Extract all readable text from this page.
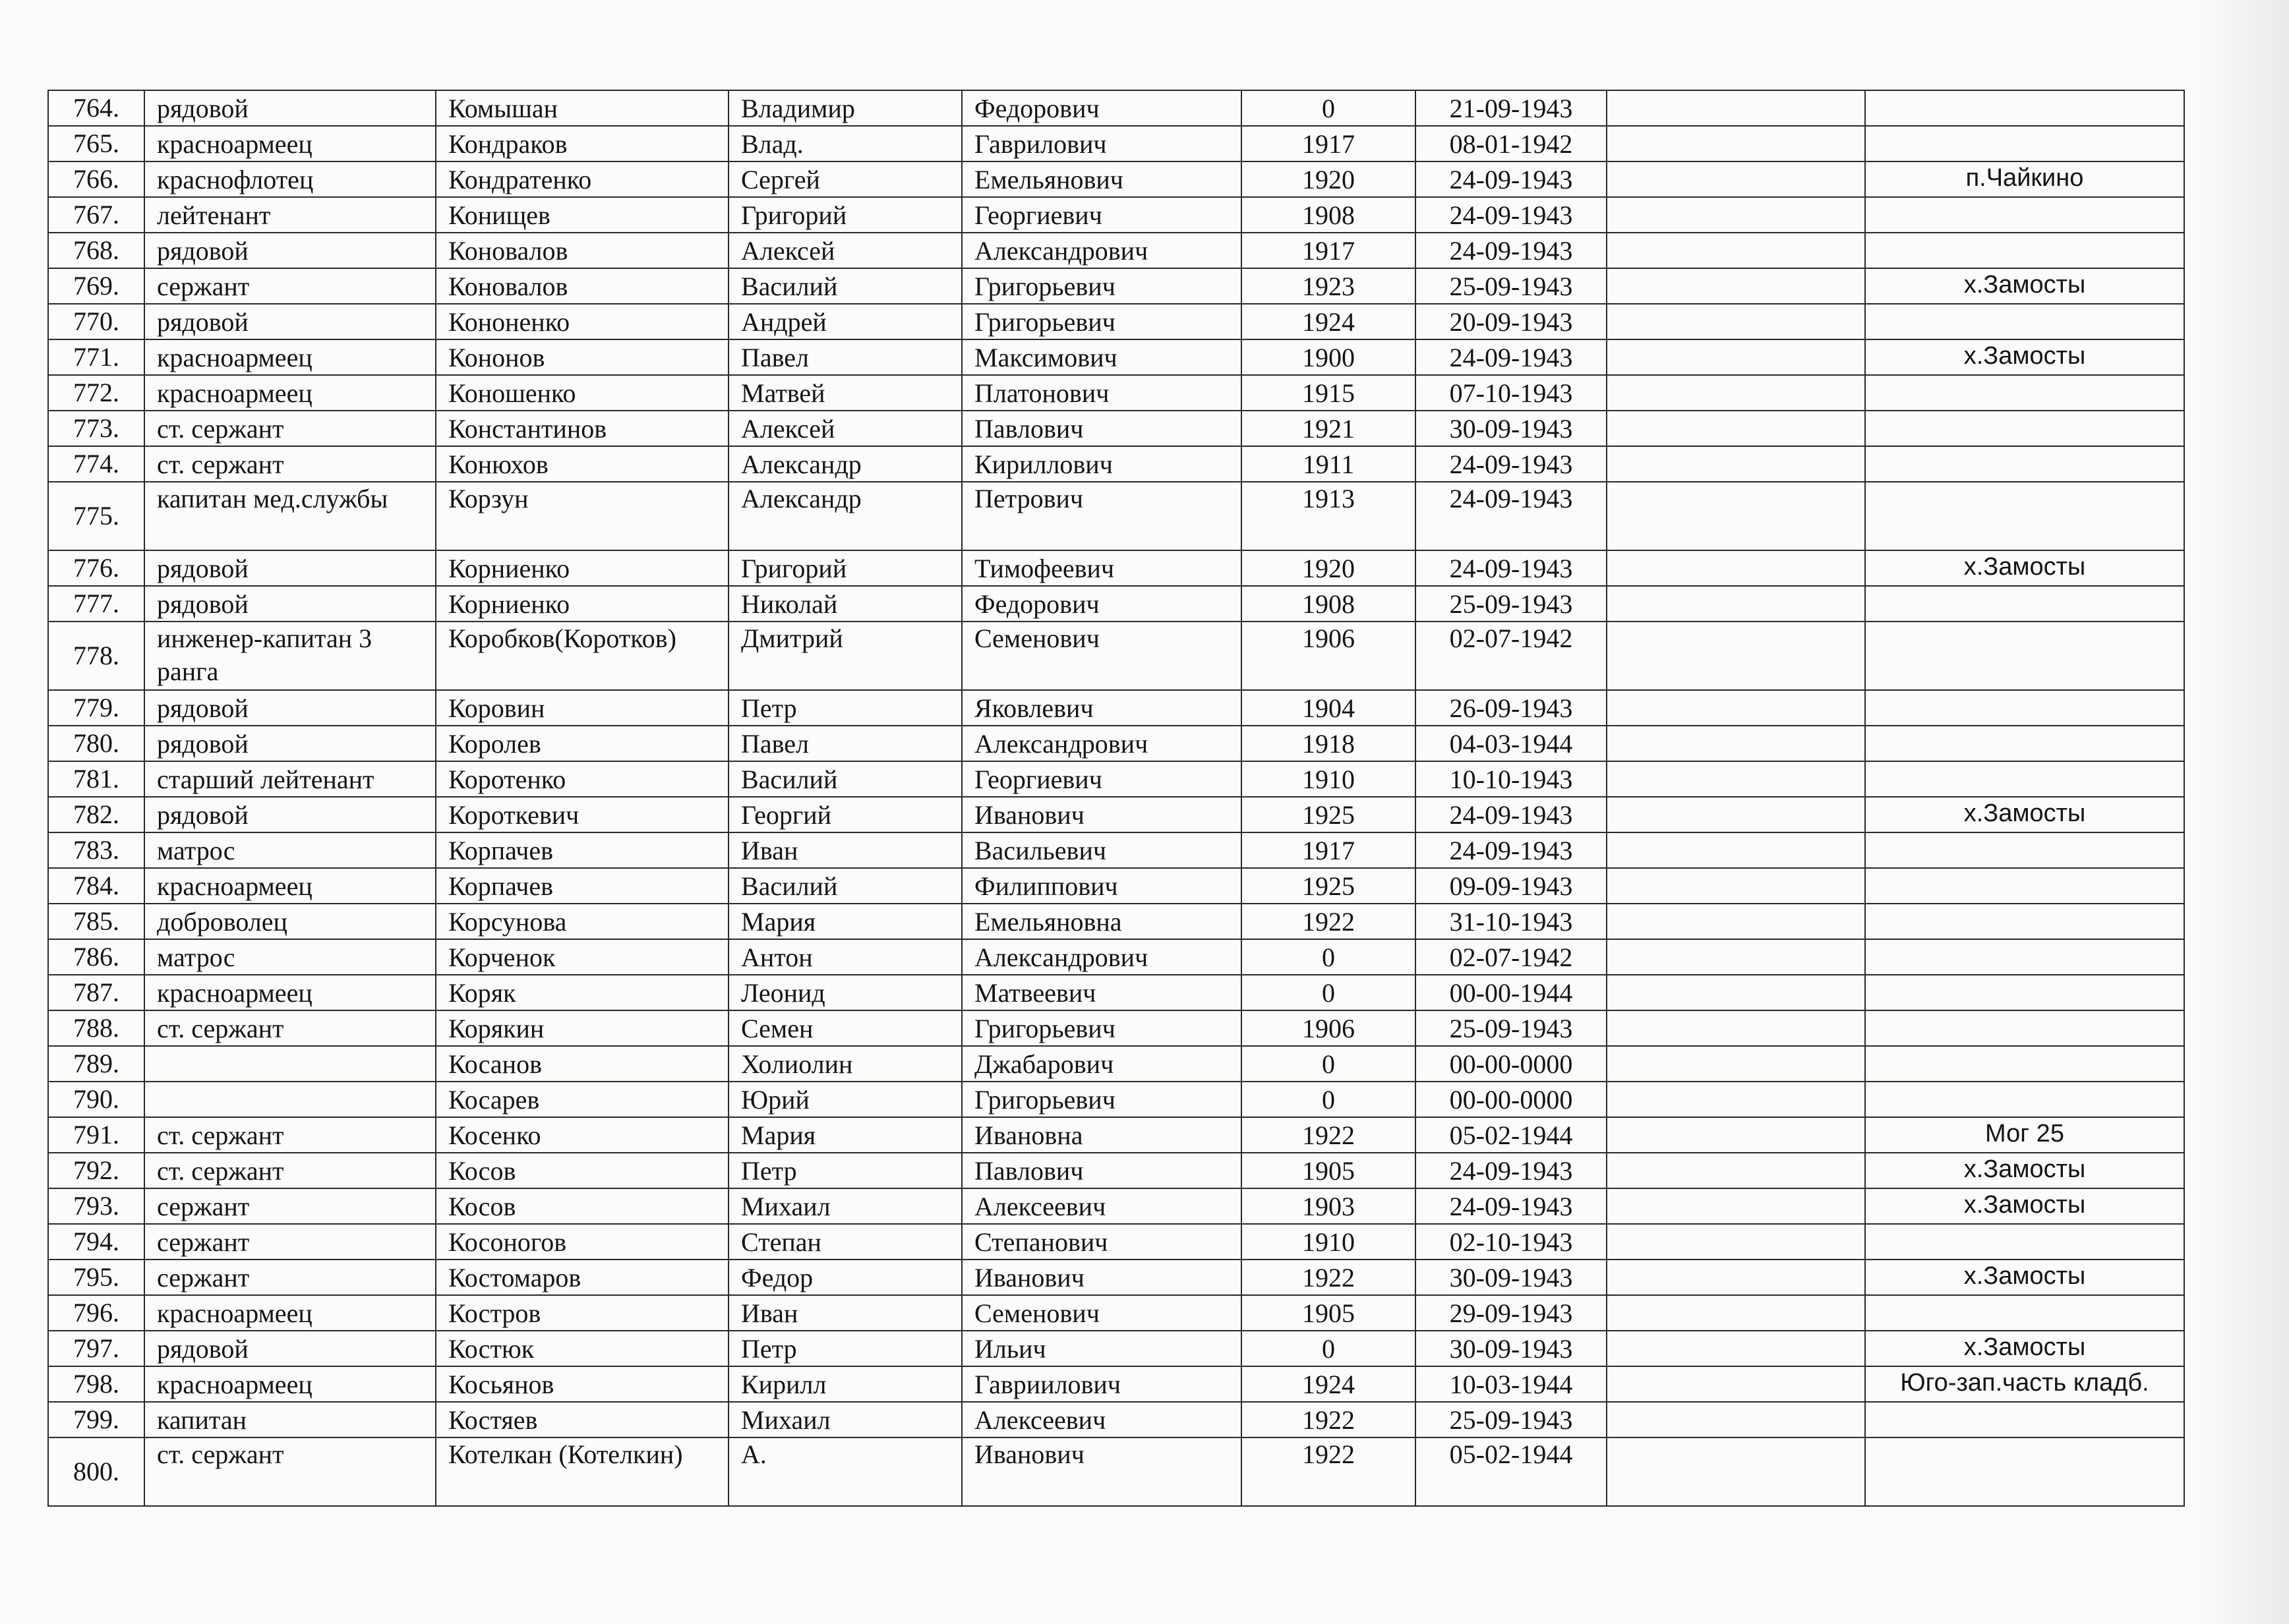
764.	рядовой	Комышан	Владимир	Федорович	0	21-09-1943		
765.	красноармеец	Кондраков	Влад.	Гаврилович	1917	08-01-1942		
766.	краснофлотец	Кондратенко	Сергей	Емельянович	1920	24-09-1943		п.Чайкино
767.	лейтенант	Конищев	Григорий	Георгиевич	1908	24-09-1943		
768.	рядовой	Коновалов	Алексей	Александрович	1917	24-09-1943		
769.	сержант	Коновалов	Василий	Григорьевич	1923	25-09-1943		х.Замосты
770.	рядовой	Кононенко	Андрей	Григорьевич	1924	20-09-1943		
771.	красноармеец	Кононов	Павел	Максимович	1900	24-09-1943		х.Замосты
772.	красноармеец	Коношенко	Матвей	Платонович	1915	07-10-1943		
773.	ст. сержант	Константинов	Алексей	Павлович	1921	30-09-1943		
774.	ст. сержант	Конюхов	Александр	Кириллович	1911	24-09-1943		
775.	капитан мед.службы	Корзун	Александр	Петрович	1913	24-09-1943		
776.	рядовой	Корниенко	Григорий	Тимофеевич	1920	24-09-1943		х.Замосты
777.	рядовой	Корниенко	Николай	Федорович	1908	25-09-1943		
778.	инженер-капитан 3 ранга	Коробков(Коротков)	Дмитрий	Семенович	1906	02-07-1942		
779.	рядовой	Коровин	Петр	Яковлевич	1904	26-09-1943		
780.	рядовой	Королев	Павел	Александрович	1918	04-03-1944		
781.	старший лейтенант	Коротенко	Василий	Георгиевич	1910	10-10-1943		
782.	рядовой	Короткевич	Георгий	Иванович	1925	24-09-1943		х.Замосты
783.	матрос	Корпачев	Иван	Васильевич	1917	24-09-1943		
784.	красноармеец	Корпачев	Василий	Филиппович	1925	09-09-1943		
785.	доброволец	Корсунова	Мария	Емельяновна	1922	31-10-1943		
786.	матрос	Корченок	Антон	Александрович	0	02-07-1942		
787.	красноармеец	Коряк	Леонид	Матвеевич	0	00-00-1944		
788.	ст. сержант	Корякин	Семен	Григорьевич	1906	25-09-1943		
789.		Косанов	Холиолин	Джабарович	0	00-00-0000		
790.		Косарев	Юрий	Григорьевич	0	00-00-0000		
791.	ст. сержант	Косенко	Мария	Ивановна	1922	05-02-1944		Мог 25
792.	ст. сержант	Косов	Петр	Павлович	1905	24-09-1943		х.Замосты
793.	сержант	Косов	Михаил	Алексеевич	1903	24-09-1943		х.Замосты
794.	сержант	Косоногов	Степан	Степанович	1910	02-10-1943		
795.	сержант	Костомаров	Федор	Иванович	1922	30-09-1943		х.Замосты
796.	красноармеец	Костров	Иван	Семенович	1905	29-09-1943		
797.	рядовой	Костюк	Петр	Ильич	0	30-09-1943		х.Замосты
798.	красноармеец	Косьянов	Кирилл	Гавриилович	1924	10-03-1944		Юго-зап.часть кладб.
799.	капитан	Костяев	Михаил	Алексеевич	1922	25-09-1943		
800.	ст. сержант	Котелкан (Котелкин)	А.	Иванович	1922	05-02-1944		
